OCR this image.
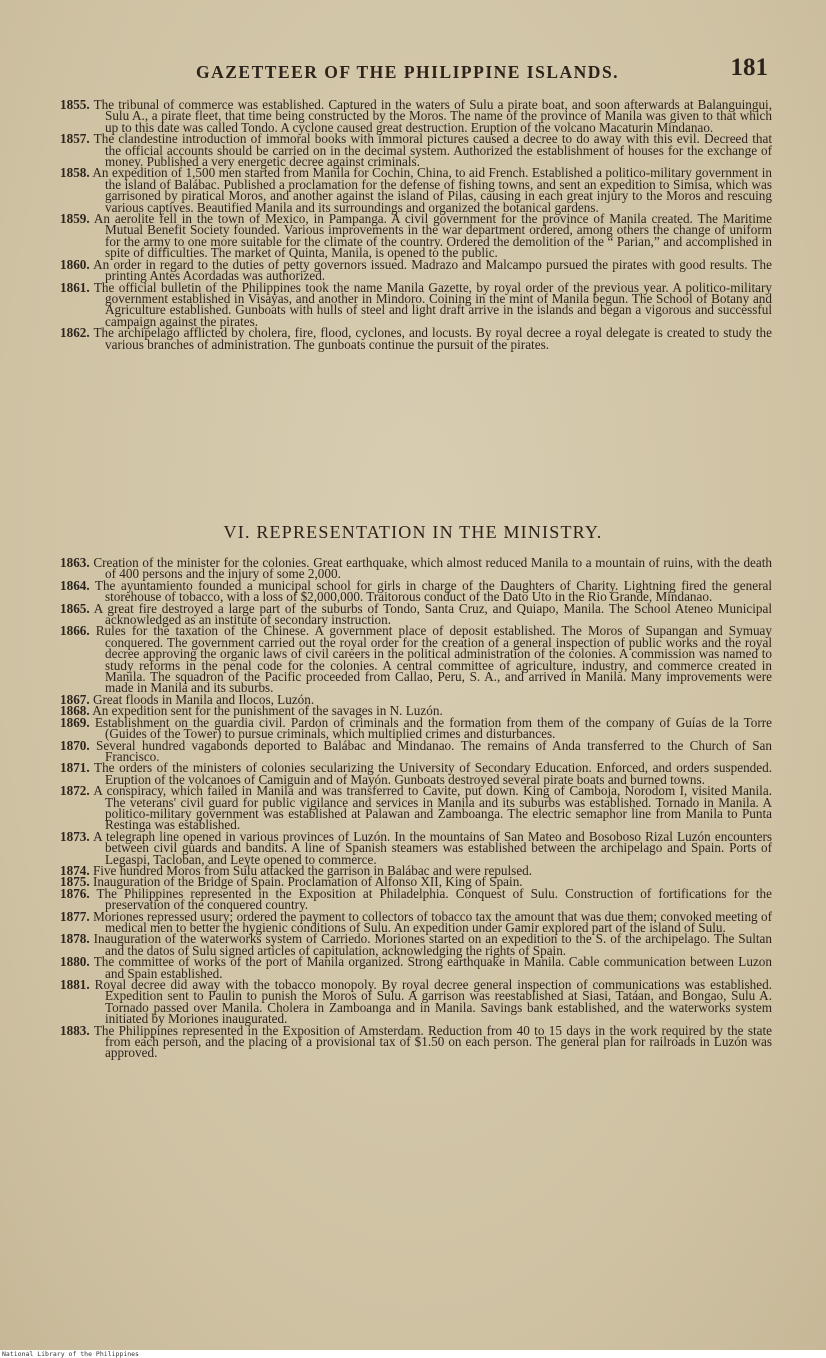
GAZETTEER OF THE PHILIPPINE ISLANDS.	181

1855. The tribunal of commerce was established. Captured in the waters of Sulu a pirate boat, and soon afterwards at Balanguingui, Sulu A., a pirate fleet, that time being constructed by the Moros. The name of the province of Manila was given to that which up to this date was called Tondo. A cyclone caused great destruction. Eruption of the volcano Macaturin Mindanao.

1857. The clandestine introduction of immoral books with immoral pictures caused a decree to do away with this evil. Decreed that the official accounts should be carried on in the decimal system. Authorized the establishment of houses for the exchange of money. Published a very energetic decree against criminals.

1858. An expedition of 1,500 men started from Manila for Cochin, China, to aid French. Established a politico-military government in the island of Balábac. Published a proclamation for the defense of fishing towns, and sent an expedition to Simisa, which was garrisoned by piratical Moros, and another against the island of Pilas, causing in each great injury to the Moros and rescuing various captives. Beautified Manila and its surroundings and organized the botanical gardens.

1859. An aerolite fell in the town of Mexico, in Pampanga. A civil government for the province of Manila created. The Maritime Mutual Benefit Society founded. Various improvements in the war department ordered, among others the change of uniform for the army to one more suitable for the climate of the country. Ordered the demolition of the “ Parian,” and accomplished in spite of difficulties. The market of Quinta, Manila, is opened to the public.

1860. An order in regard to the duties of petty governors issued. Madrazo and Malcampo pursued the pirates with good results. The printing Antes Acordadas was authorized.

1861. The official bulletin of the Philippines took the name Manila Gazette, by royal order of the previous year. A politico-military government established in Visayas, and another in Mindoro. Coining in the mint of Manila begun. The School of Botany and Agriculture established. Gunboats with hulls of steel and light draft arrive in the islands and began a vigorous and successful campaign against the pirates.

1862. The archipelago afflicted by cholera, fire, flood, cyclones, and locusts. By royal decree a royal delegate is created to study the various branches of administration. The gunboats continue the pursuit of the pirates.

VI. REPRESENTATION IN THE MINISTRY.

1863. Creation of the minister for the colonies. Great earthquake, which almost reduced Manila to a mountain of ruins, with the death of 400 persons and the injury of some 2,000.

1864. The ayuntamiento founded a municipal school for girls in charge of the Daughters of Charity. Lightning fired the general storehouse of tobacco, with a loss of $2,000,000. Traitorous conduct of the Dato Uto in the Rio Grande, Mindanao.

1865. A great fire destroyed a large part of the suburbs of Tondo, Santa Cruz, and Quiapo, Manila. The School Ateneo Municipal acknowledged as an institute of secondary instruction.

1866. Rules for the taxation of the Chinese. A government place of deposit established. The Moros of Supangan and Symuay conquered. The government carried out the royal order for the creation of a general inspection of public works and the royal decree approving the organic laws of civil careers in the political administration of the colonies. A commission was named to study reforms in the penal code for the colonies. A central committee of agriculture, industry, and commerce created in Manila. The squadron of the Pacific proceeded from Callao, Peru, S. A., and arrived in Manila. Many improvements were made in Manila and its suburbs.

1867. Great floods in Manila and Ilocos, Luzón.

1868. An expedition sent for the punishment of the savages in N. Luzón.

1869. Establishment on the guardia civil. Pardon of criminals and the formation from them of the company of Guías de la Torre (Guides of the Tower) to pursue criminals, which multiplied crimes and disturbances.

1870. Several hundred vagabonds deported to Balábac and Mindanao. The remains of Anda transferred to the Church of San Francisco.

1871. The orders of the ministers of colonies secularizing the University of Secondary Education. Enforced, and orders suspended. Eruption of the volcanoes of Camiguin and of Mayón. Gunboats destroyed several pirate boats and burned towns.

1872. A conspiracy, which failed in Manila and was transferred to Cavite, put down. King of Camboja, Norodom I, visited Manila. The veterans' civil guard for public vigilance and services in Manila and its suburbs was established. Tornado in Manila. A politico-military government was established at Palawan and Zamboanga. The electric semaphor line from Manila to Punta Restinga was established.

1873. A telegraph line opened in various provinces of Luzón. In the mountains of San Mateo and Bosoboso Rizal Luzón encounters between civil guards and bandits. A line of Spanish steamers was established between the archipelago and Spain. Ports of Legaspi, Tacloban, and Leyte opened to commerce.

1874. Five hundred Moros from Sulu attacked the garrison in Balábac and were repulsed.

1875. Inauguration of the Bridge of Spain. Proclamation of Alfonso XII, King of Spain.

1876. The Philippines represented in the Exposition at Philadelphia. Conquest of Sulu. Construction of fortifications for the preservation of the conquered country.

1877. Moriones repressed usury; ordered the payment to collectors of tobacco tax the amount that was due them; convoked meeting of medical men to better the hygienic conditions of Sulu. An expedition under Gamir explored part of the island of Sulu.

1878. Inauguration of the waterworks system of Carriedo. Moriones started on an expedition to the S. of the archipelago. The Sultan and the datos of Sulu signed articles of capitulation, acknowledging the rights of Spain.

1880. The committee of works of the port of Manila organized. Strong earthquake in Manila. Cable communication between Luzon and Spain established.

1881. Royal decree did away with the tobacco monopoly. By royal decree general inspection of communications was established. Expedition sent to Paulin to punish the Moros of Sulu. A garrison was reestablished at Siasi, Tatáan, and Bongao, Sulu A. Tornado passed over Manila. Cholera in Zamboanga and in Manila. Savings bank established, and the waterworks system initiated by Moriones inaugurated.

1883. The Philippines represented in the Exposition of Amsterdam. Reduction from 40 to 15 days in the work required by the state from each person, and the placing of a provisional tax of $1.50 on each person. The general plan for railroads in Luzón was approved.

National Library of the Philippines
